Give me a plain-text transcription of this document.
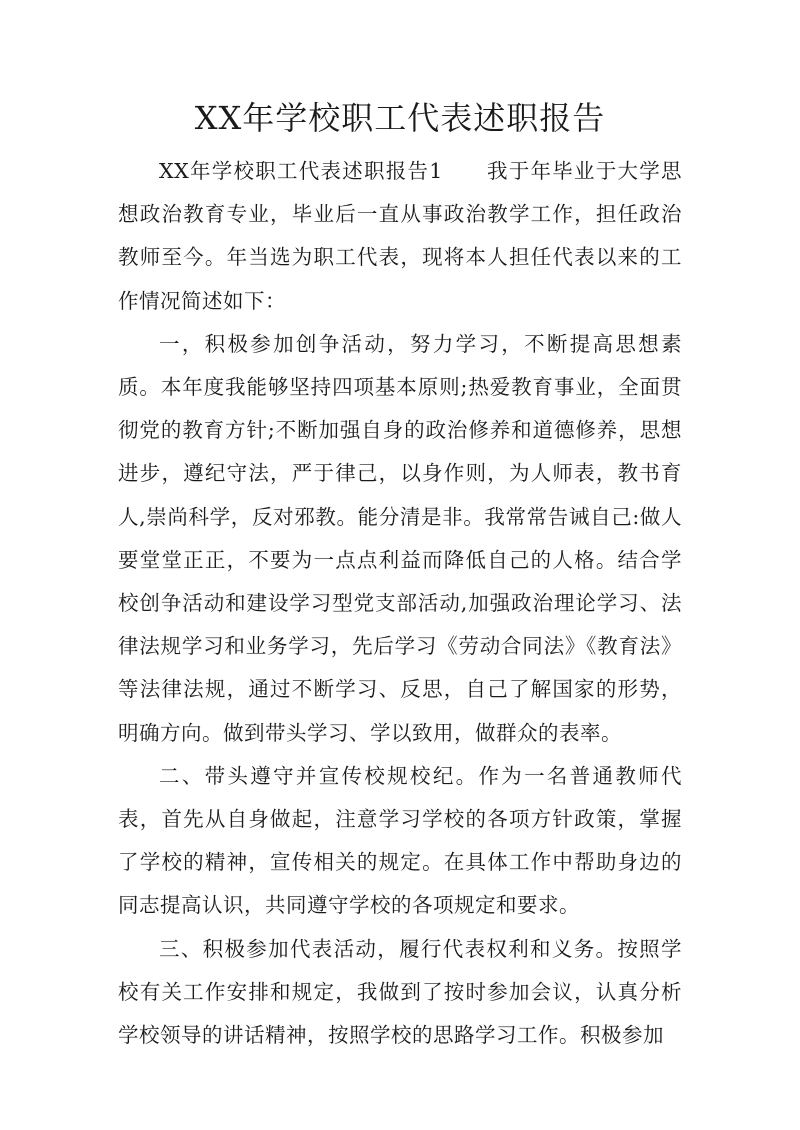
XX年学校职工代表述职报告

XX年学校职工代表述职报告1　　我于年毕业于大学思想政治教育专业，毕业后一直从事政治教学工作，担任政治教师至今。年当选为职工代表，现将本人担任代表以来的工作情况简述如下：

一，积极参加创争活动，努力学习，不断提高思想素质。本年度我能够坚持四项基本原则;热爱教育事业，全面贯彻党的教育方针;不断加强自身的政治修养和道德修养，思想进步，遵纪守法，严于律己，以身作则，为人师表，教书育人,崇尚科学，反对邪教。能分清是非。我常常告诫自己:做人要堂堂正正，不要为一点点利益而降低自己的人格。结合学校创争活动和建设学习型党支部活动,加强政治理论学习、法律法规学习和业务学习，先后学习《劳动合同法》《教育法》等法律法规，通过不断学习、反思，自己了解国家的形势，明确方向。做到带头学习、学以致用，做群众的表率。

二、带头遵守并宣传校规校纪。作为一名普通教师代表，首先从自身做起，注意学习学校的各项方针政策，掌握了学校的精神，宣传相关的规定。在具体工作中帮助身边的同志提高认识，共同遵守学校的各项规定和要求。

三、积极参加代表活动，履行代表权利和义务。按照学校有关工作安排和规定，我做到了按时参加会议，认真分析学校领导的讲话精神，按照学校的思路学习工作。积极参加
